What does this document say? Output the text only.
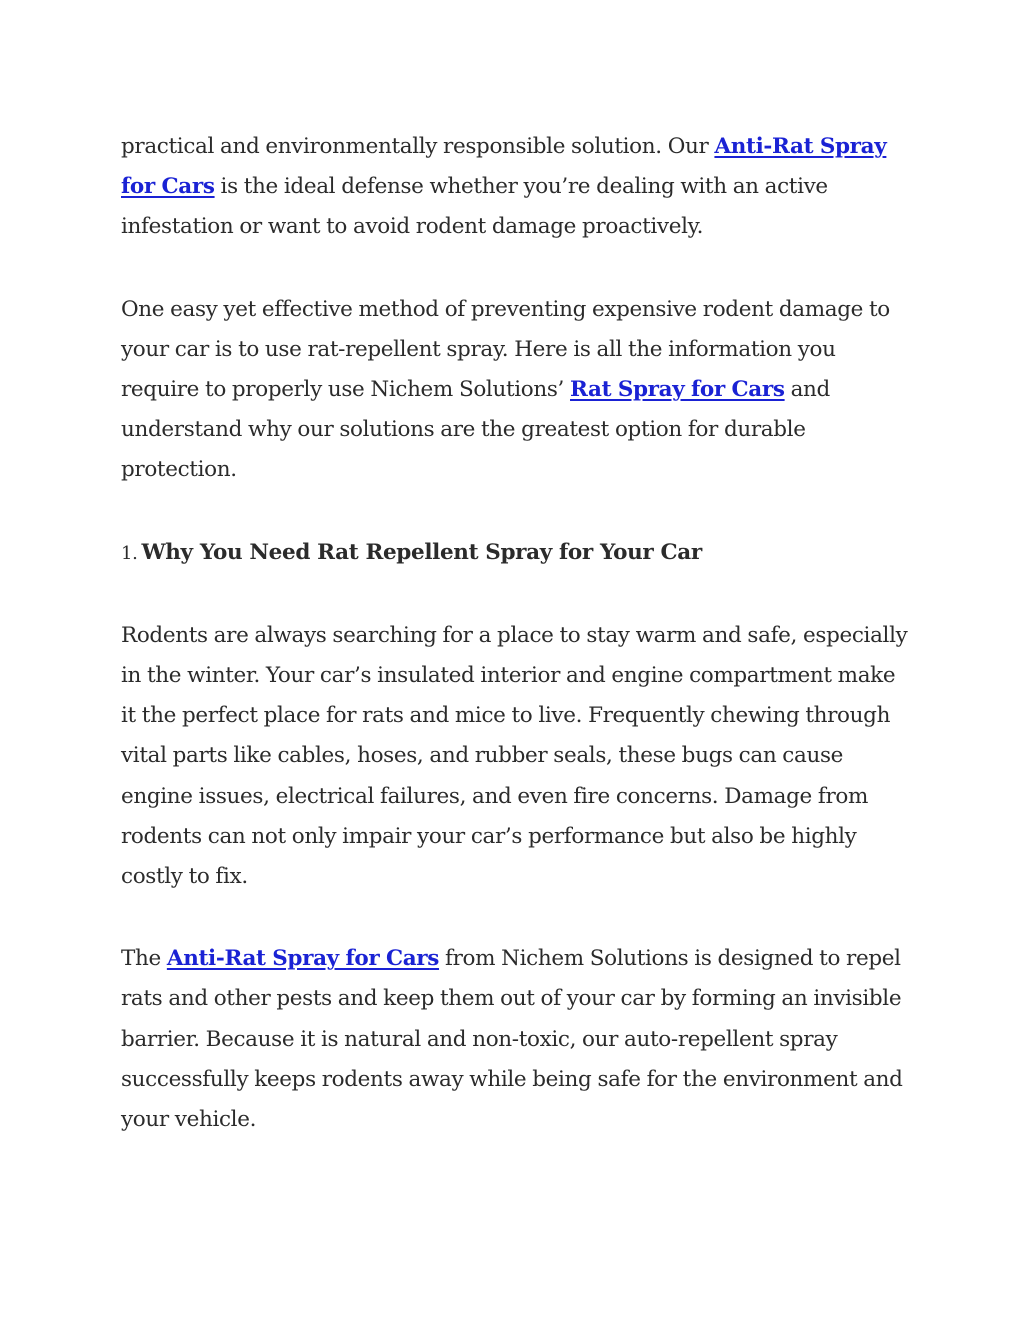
practical and environmentally responsible solution. Our Anti-Rat Spray for Cars is the ideal defense whether you’re dealing with an active infestation or want to avoid rodent damage proactively.

One easy yet effective method of preventing expensive rodent damage to your car is to use rat-repellent spray. Here is all the information you require to properly use Nichem Solutions’ Rat Spray for Cars and understand why our solutions are the greatest option for durable protection.

1. Why You Need Rat Repellent Spray for Your Car

Rodents are always searching for a place to stay warm and safe, especially in the winter. Your car’s insulated interior and engine compartment make it the perfect place for rats and mice to live. Frequently chewing through vital parts like cables, hoses, and rubber seals, these bugs can cause engine issues, electrical failures, and even fire concerns. Damage from rodents can not only impair your car’s performance but also be highly costly to fix.

The Anti-Rat Spray for Cars from Nichem Solutions is designed to repel rats and other pests and keep them out of your car by forming an invisible barrier. Because it is natural and non-toxic, our auto-repellent spray successfully keeps rodents away while being safe for the environment and your vehicle.
